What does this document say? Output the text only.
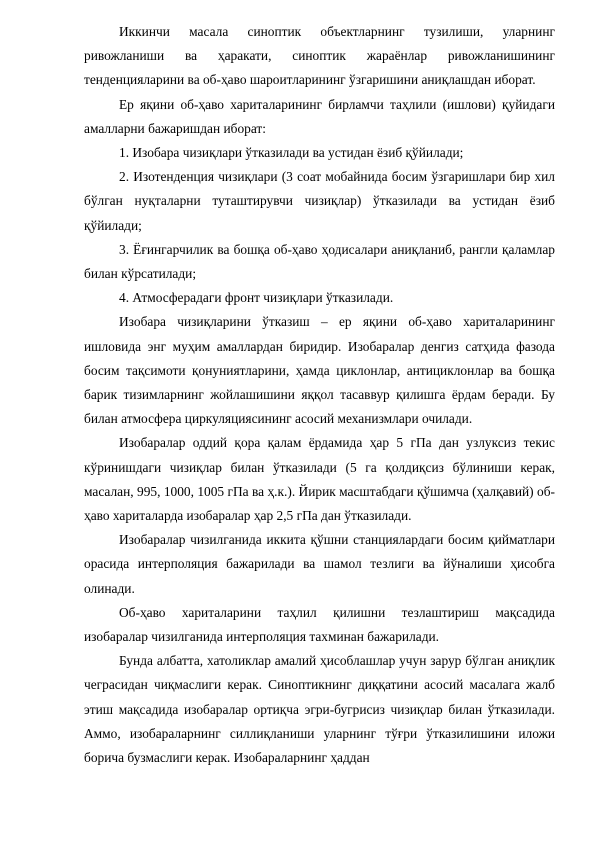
Иккинчи масала синоптик объектларнинг тузилиши, уларнинг ривожланиши ва ҳаракати, синоптик жараёнлар ривожланишининг тенденцияларини ва об-ҳаво шароитларининг ўзгаришини аниқлашдан иборат.

Ер яқини об-ҳаво хариталарининг бирламчи таҳлили (ишлови) қуйидаги амалларни бажаришдан иборат:

1. Изобара чизиқлари ўтказилади ва устидан ёзиб қўйилади;

2. Изотенденция чизиқлари (3 соат мобайнида босим ўзгаришлари бир хил бўлган нуқталарни туташтирувчи чизиқлар) ўтказилади ва устидан ёзиб қўйилади;

3. Ёғингарчилик ва бошқа об-ҳаво ҳодисалари аниқланиб, рангли қаламлар билан кўрсатилади;

4. Атмосферадаги фронт чизиқлари ўтказилади.

Изобара чизиқларини ўтказиш – ер яқини об-ҳаво хариталарининг ишловида энг муҳим амаллардан биридир. Изобаралар денгиз сатҳида фазода босим тақсимоти қонуниятларини, ҳамда циклонлар, антициклонлар ва бошқа барик тизимларнинг жойлашишини яққол тасаввур қилишга ёрдам беради. Бу билан атмосфера циркуляциясининг асосий механизмлари очилади.

Изобаралар оддий қора қалам ёрдамида ҳар 5 гПа дан узлуксиз текис кўринишдаги чизиқлар билан ўтказилади (5 га қолдиқсиз бўлиниши керак, масалан, 995, 1000, 1005 гПа ва ҳ.к.). Йирик масштабдаги қўшимча (ҳалқавий) об-ҳаво хариталарда изобаралар ҳар 2,5 гПа дан ўтказилади.

Изобаралар чизилганида иккита қўшни станциялардаги босим қийматлари орасида интерполяция бажарилади ва шамол тезлиги ва йўналиши ҳисобга олинади.

Об-ҳаво хариталарини таҳлил қилишни тезлаштириш мақсадида изобаралар чизилганида интерполяция тахминан бажарилади.

Бунда албатта, хатоликлар амалий ҳисоблашлар учун зарур бўлган аниқлик чеграсидан чиқмаслиги керак. Синоптикнинг диққатини асосий масалага жалб этиш мақсадида изобаралар ортиқча эгри-бугрисиз чизиқлар билан ўтказилади. Аммо, изобараларнинг силлиқланиши уларнинг тўғри ўтказилишини иложи борича бузмаслиги керак. Изобараларнинг ҳаддан
